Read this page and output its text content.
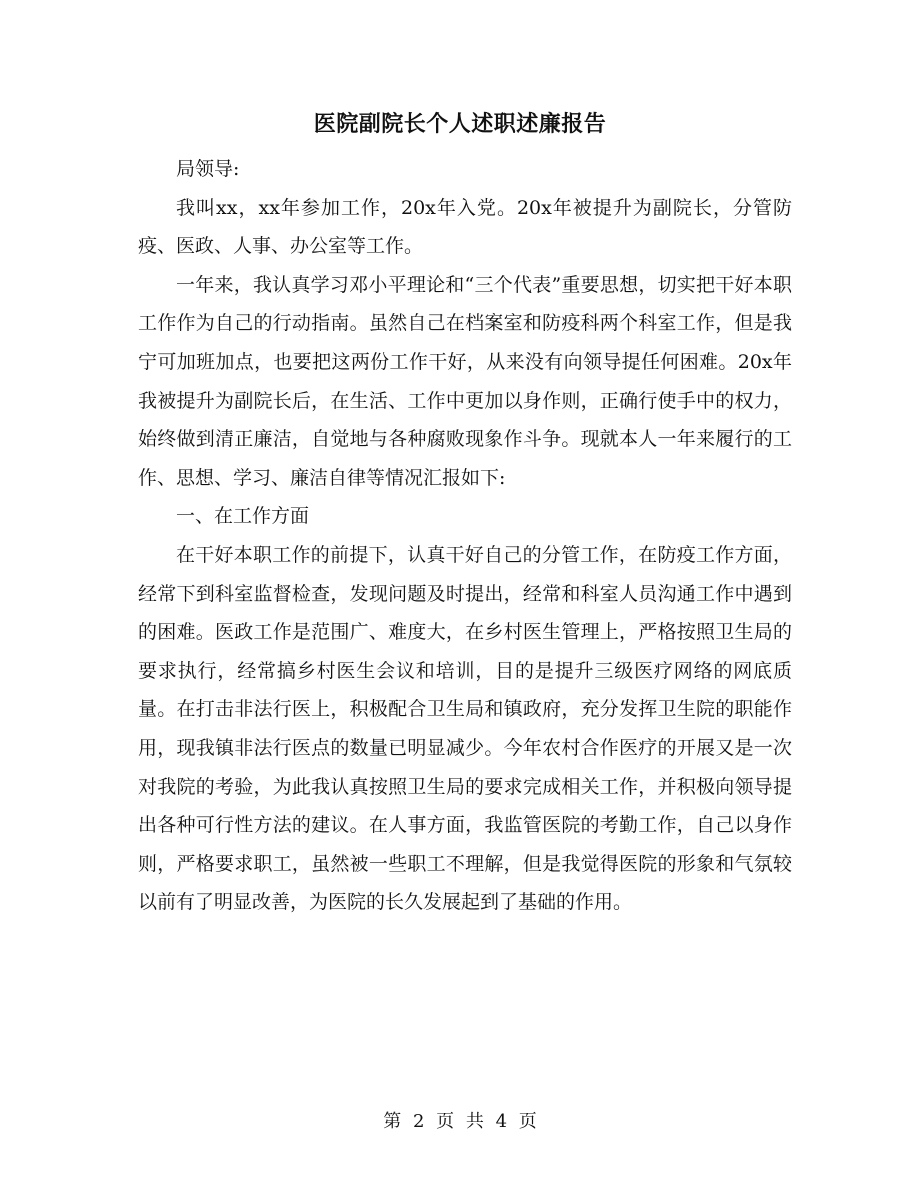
医院副院长个人述职述廉报告

局领导:

我叫xx，xx年参加工作，20x年入党。20x年被提升为副院长，分管防疫、医政、人事、办公室等工作。

一年来，我认真学习邓小平理论和“三个代表”重要思想，切实把干好本职工作作为自己的行动指南。虽然自己在档案室和防疫科两个科室工作，但是我宁可加班加点，也要把这两份工作干好，从来没有向领导提任何困难。20x年我被提升为副院长后，在生活、工作中更加以身作则，正确行使手中的权力，始终做到清正廉洁，自觉地与各种腐败现象作斗争。现就本人一年来履行的工作、思想、学习、廉洁自律等情况汇报如下:

一、在工作方面

在干好本职工作的前提下，认真干好自己的分管工作，在防疫工作方面，经常下到科室监督检查，发现问题及时提出，经常和科室人员沟通工作中遇到的困难。医政工作是范围广、难度大，在乡村医生管理上，严格按照卫生局的要求执行，经常搞乡村医生会议和培训，目的是提升三级医疗网络的网底质量。在打击非法行医上，积极配合卫生局和镇政府，充分发挥卫生院的职能作用，现我镇非法行医点的数量已明显减少。今年农村合作医疗的开展又是一次对我院的考验，为此我认真按照卫生局的要求完成相关工作，并积极向领导提出各种可行性方法的建议。在人事方面，我监管医院的考勤工作，自己以身作则，严格要求职工，虽然被一些职工不理解，但是我觉得医院的形象和气氛较以前有了明显改善，为医院的长久发展起到了基础的作用。

第 2 页 共 4 页
